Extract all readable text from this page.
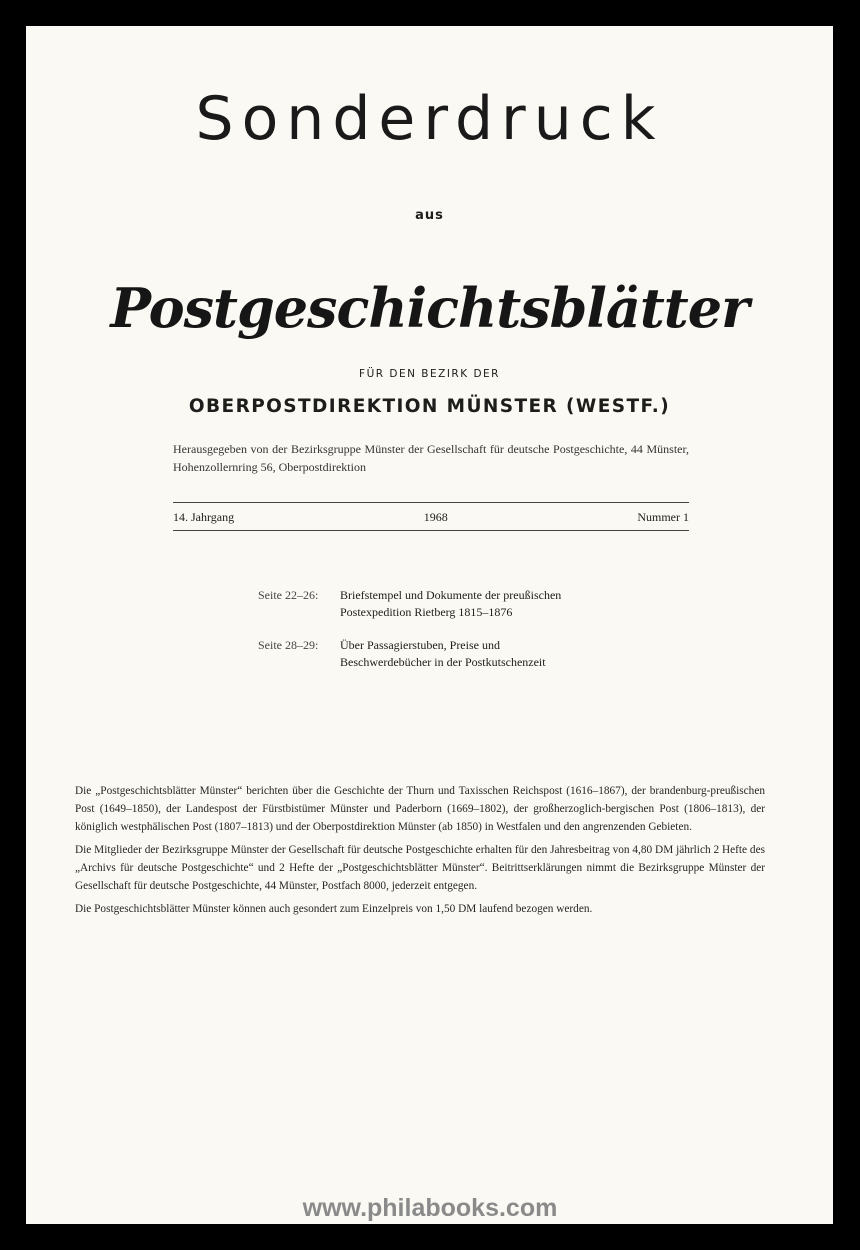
Sonderdruck
aus
Postgeschichtsblätter
FÜR DEN BEZIRK DER
OBERPOSTDIREKTION MÜNSTER (WESTF.)
Herausgegeben von der Bezirksgruppe Münster der Gesellschaft für deutsche Postgeschichte, 44 Münster, Hohenzollernring 56, Oberpostdirektion
14. Jahrgang	1968	Nummer 1
Seite 22–26:	Briefstempel und Dokumente der preußischen
Postexpedition Rietberg 1815–1876
Seite 28–29:	Über Passagierstuben, Preise und
Beschwerdebücher in der Postkutschenzeit

Die „Postgeschichtsblätter Münster“ berichten über die Geschichte der Thurn und Taxisschen Reichspost (1616–1867), der brandenburg-preußischen Post (1649–1850), der Landespost der Fürstbistümer Münster und Paderborn (1669–1802), der großherzoglich-bergischen Post (1806–1813), der königlich westphälischen Post (1807–1813) und der Oberpostdirektion Münster (ab 1850) in Westfalen und den angrenzenden Gebieten.

Die Mitglieder der Bezirksgruppe Münster der Gesellschaft für deutsche Postgeschichte erhalten für den Jahresbeitrag von 4,80 DM jährlich 2 Hefte des „Archivs für deutsche Postgeschichte“ und 2 Hefte der „Postgeschichtsblätter Münster“. Beitrittserklärungen nimmt die Bezirksgruppe Münster der Gesellschaft für deutsche Postgeschichte, 44 Münster, Postfach 8000, jederzeit entgegen.

Die Postgeschichtsblätter Münster können auch gesondert zum Einzelpreis von 1,50 DM laufend bezogen werden.

www.philabooks.com
